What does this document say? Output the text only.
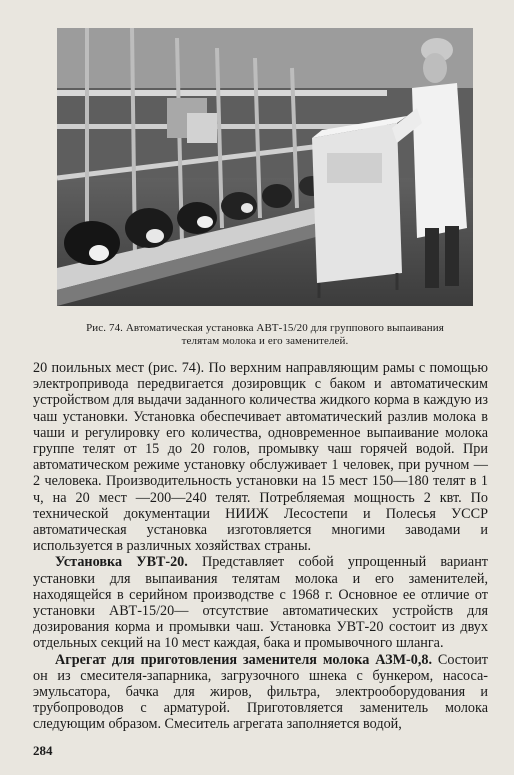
Рис. 74. Автоматическая установка АВТ-15/20 для группового выпаивания
телятам молока и его заменителей.

20 поильных мест (рис. 74). По верхним направляющим рамы с помощью электропривода передвигается дозировщик с баком и автоматическим устройством для выдачи заданного количества жидкого корма в каждую из чаш установки. Установка обеспечивает автоматический разлив молока в чаши и регулировку его количества, одновременное выпаивание молока группе телят от 15 до 20 голов, промывку чаш горячей водой. При автоматическом режиме установку обслуживает 1 человек, при ручном —2 человека. Производительность установки на 15 мест 150—180 телят в 1 ч, на 20 мест —200—240 телят. Потребляемая мощность 2 квт. По технической документации НИИЖ Лесостепи и Полесья УССР автоматическая установка изготовляется многими заводами и используется в различных хозяйствах страны.

Установка УВТ-20. Представляет собой упрощенный вариант установки для выпаивания телятам молока и его заменителей, находящейся в серийном производстве с 1968 г. Основное ее отличие от установки АВТ-15/20— отсутствие автоматических устройств для дозирования корма и промывки чаш. Установка УВТ-20 состоит из двух отдельных секций на 10 мест каждая, бака и промывочного шланга.

Агрегат для приготовления заменителя молока АЗМ-0,8. Состоит он из смесителя-запарника, загрузочного шнека с бункером, насоса-эмульсатора, бачка для жиров, фильтра, электрооборудования и трубопроводов с арматурой. Приготовляется заменитель молока следующим образом. Смеситель агрегата заполняется водой,

284
